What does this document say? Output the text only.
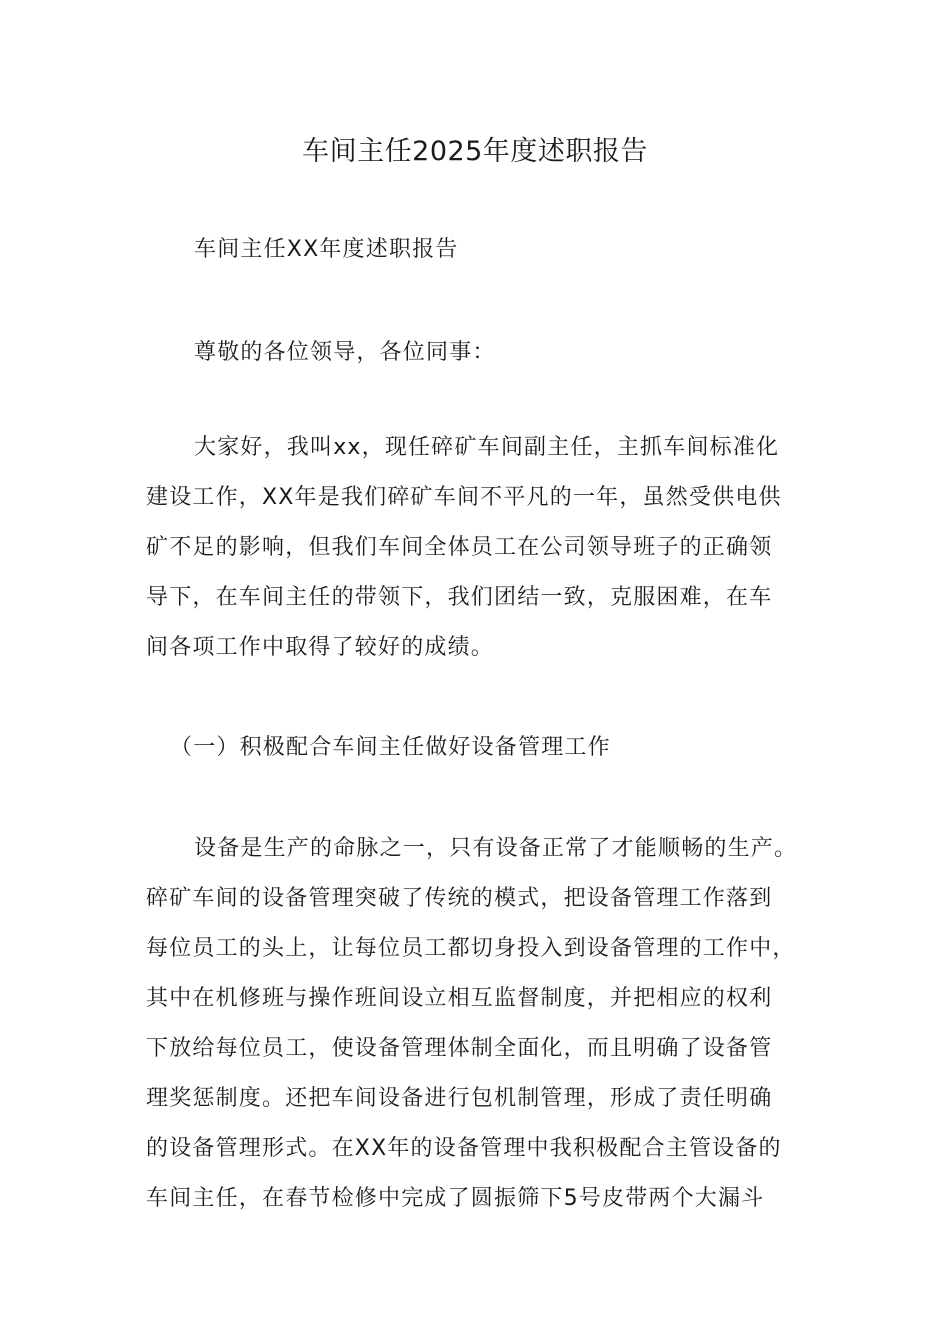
车间主任2025年度述职报告
车间主任XX年度述职报告
尊敬的各位领导，各位同事：
大家好，我叫xx，现任碎矿车间副主任，主抓车间标准化
建设工作，XX年是我们碎矿车间不平凡的一年，虽然受供电供
矿不足的影响，但我们车间全体员工在公司领导班子的正确领
导下，在车间主任的带领下，我们团结一致，克服困难，在车
间各项工作中取得了较好的成绩。
（一）积极配合车间主任做好设备管理工作
设备是生产的命脉之一，只有设备正常了才能顺畅的生产。
碎矿车间的设备管理突破了传统的模式，把设备管理工作落到
每位员工的头上，让每位员工都切身投入到设备管理的工作中，
其中在机修班与操作班间设立相互监督制度，并把相应的权利
下放给每位员工，使设备管理体制全面化，而且明确了设备管
理奖惩制度。还把车间设备进行包机制管理，形成了责任明确
的设备管理形式。在XX年的设备管理中我积极配合主管设备的
车间主任，在春节检修中完成了圆振筛下5号皮带两个大漏斗
